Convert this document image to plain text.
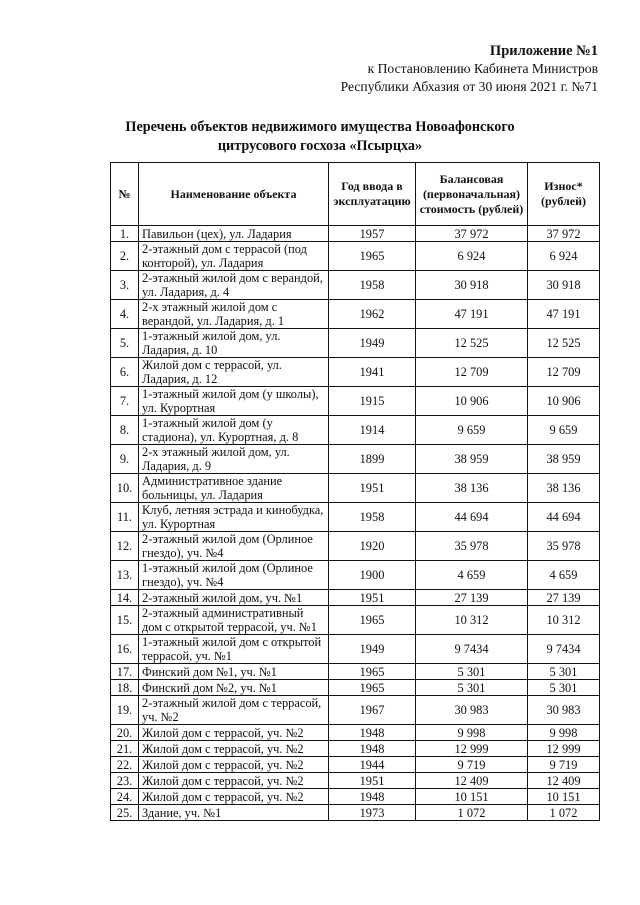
Приложение №1
к Постановлению Кабинета Министров
Республики Абхазия от 30 июня 2021 г. №71
Перечень объектов недвижимого имущества Новоафонского
цитрусового госхоза «Псырцха»
№	Наименование объекта	Год ввода в эксплуатацию	Балансовая (первоначальная) стоимость (рублей)	Износ* (рублей)
1.	Павильон (цех), ул. Ладария	1957	37 972	37 972
2.	2-этажный дом с террасой (под конторой), ул. Ладария	1965	6 924	6 924
3.	2-этажный жилой дом с верандой, ул. Ладария, д. 4	1958	30 918	30 918
4.	2-х этажный жилой дом с верандой, ул. Ладария, д. 1	1962	47 191	47 191
5.	1-этажный жилой дом, ул. Ладария, д. 10	1949	12 525	12 525
6.	Жилой дом с террасой, ул. Ладария, д. 12	1941	12 709	12 709
7.	1-этажный жилой дом (у школы), ул. Курортная	1915	10 906	10 906
8.	1-этажный жилой дом (у стадиона), ул. Курортная, д. 8	1914	9 659	9 659
9.	2-х этажный жилой дом, ул. Ладария, д. 9	1899	38 959	38 959
10.	Административное здание больницы, ул. Ладария	1951	38 136	38 136
11.	Клуб, летняя эстрада и кинобудка, ул. Курортная	1958	44 694	44 694
12.	2-этажный жилой дом (Орлиное гнездо), уч. №4	1920	35 978	35 978
13.	1-этажный жилой дом (Орлиное гнездо), уч. №4	1900	4 659	4 659
14.	2-этажный жилой дом, уч. №1	1951	27 139	27 139
15.	2-этажный административный дом с открытой террасой, уч. №1	1965	10 312	10 312
16.	1-этажный жилой дом с открытой террасой, уч. №1	1949	9 7434	9 7434
17.	Финский дом №1, уч. №1	1965	5 301	5 301
18.	Финский дом №2, уч. №1	1965	5 301	5 301
19.	2-этажный жилой дом с террасой, уч. №2	1967	30 983	30 983
20.	Жилой дом с террасой, уч. №2	1948	9 998	9 998
21.	Жилой дом с террасой, уч. №2	1948	12 999	12 999
22.	Жилой дом с террасой, уч. №2	1944	9 719	9 719
23.	Жилой дом с террасой, уч. №2	1951	12 409	12 409
24.	Жилой дом с террасой, уч. №2	1948	10 151	10 151
25.	Здание, уч. №1	1973	1 072	1 072
